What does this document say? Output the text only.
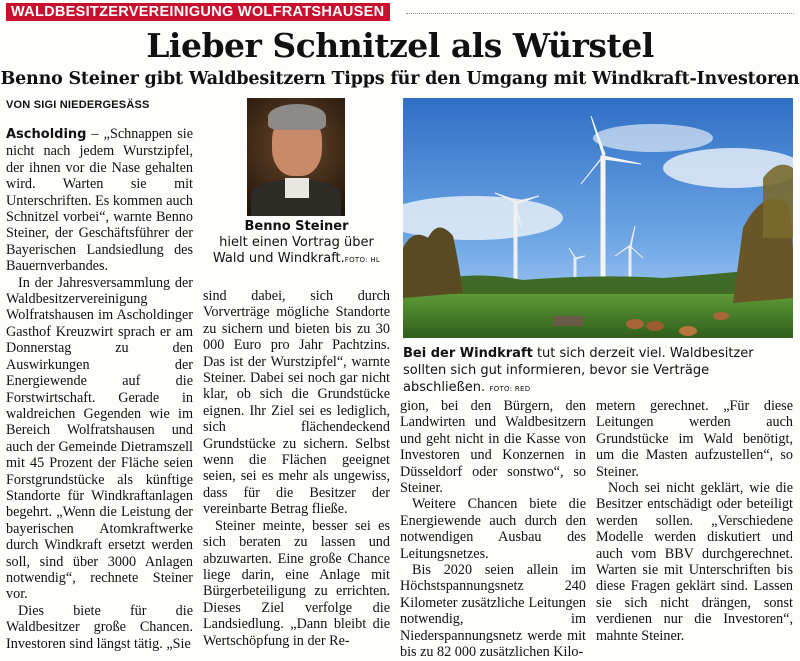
WALDBESITZERVEREINIGUNG WOLFRATSHAUSEN
Lieber Schnitzel als Würstel
Benno Steiner gibt Waldbesitzern Tipps für den Umgang mit Windkraft-Investoren
VON SIGI NIEDERGESÄSS

Ascholding – „Schnappen sie nicht nach jedem Wurstzipfel, der ihnen vor die Nase gehalten wird. Warten sie mit Unterschriften. Es kommen auch Schnitzel vorbei“, warnte Benno Steiner, der Geschäftsführer der Bayerischen Landsiedlung des Bauernverbandes.

In der Jahresversammlung der Waldbesitzervereinigung Wolfratshausen im Ascholdinger Gasthof Kreuzwirt sprach er am Donnerstag zu den Auswirkungen der Energiewende auf die Forstwirtschaft. Gerade in waldreichen Gegenden wie im Bereich Wolfratshausen und auch der Gemeinde Dietramszell mit 45 Prozent der Fläche seien Forstgrundstücke als künftige Standorte für Windkraftanlagen begehrt. „Wenn die Leistung der bayerischen Atomkraftwerke durch Windkraft ersetzt werden soll, sind über 3000 Anlagen notwendig“, rechnete Steiner vor.

Dies biete für die Waldbesitzer große Chancen. Investoren sind längst tätig. „Sie

Benno Steiner
hielt einen Vortrag über Wald und Windkraft.FOTO: HL

sind dabei, sich durch Vorverträge mögliche Standorte zu sichern und bieten bis zu 30 000 Euro pro Jahr Pachtzins. Das ist der Wurstzipfel“, warnte Steiner. Dabei sei noch gar nicht klar, ob sich die Grundstücke eignen. Ihr Ziel sei es lediglich, sich flächendeckend Grundstücke zu sichern. Selbst wenn die Flächen geeignet seien, sei es mehr als ungewiss, dass für die Besitzer der vereinbarte Betrag fließe.

Steiner meinte, besser sei es sich beraten zu lassen und abzuwarten. Eine große Chance liege darin, eine Anlage mit Bürgerbeteiligung zu errichten. Dieses Ziel verfolge die Landsiedlung. „Dann bleibt die Wertschöpfung in der Re-

Bei der Windkraft tut sich derzeit viel. Waldbesitzer sollten sich gut informieren, bevor sie Verträge abschließen. FOTO: RED

gion, bei den Bürgern, den Landwirten und Waldbesitzern und geht nicht in die Kasse von Investoren und Konzernen in Düsseldorf oder sonstwo“, so Steiner.

Weitere Chancen biete die Energiewende auch durch den notwendigen Ausbau des Leitungsnetzes.

Bis 2020 seien allein im Höchstspannungsnetz 240 Kilometer zusätzliche Leitungen notwendig, im Niederspannungsnetz werde mit bis zu 82 000 zusätzlichen Kilo-

metern gerechnet. „Für diese Leitungen werden auch Grundstücke im Wald benötigt, um die Masten aufzustellen“, so Steiner.

Noch sei nicht geklärt, wie die Besitzer entschädigt oder beteiligt werden sollen. „Verschiedene Modelle werden diskutiert und auch vom BBV durchgerechnet. Warten sie mit Unterschriften bis diese Fragen geklärt sind. Lassen sie sich nicht drängen, sonst verdienen nur die Investoren“, mahnte Steiner.
